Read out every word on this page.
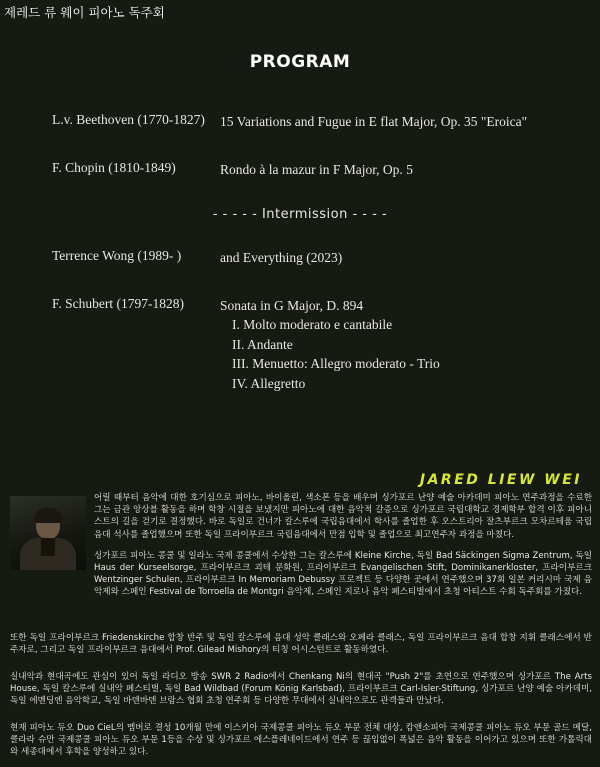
제레드 류 웨이 피아노 독주회
PROGRAM
L.v. Beethoven (1770-1827)	15 Variations and Fugue in E flat Major, Op. 35 "Eroica"
F. Chopin (1810-1849)	Rondo à la mazur in F Major, Op. 5
- - - - - Intermission - - - -
Terrence Wong (1989- )	and Everything (2023)
F. Schubert (1797-1828)	Sonata in G Major, D. 894
I. Molto moderato e cantabile
II. Andante
III. Menuetto: Allegro moderato - Trio
IV. Allegretto
JARED LIEW WEI

어릴 때부터 음악에 대한 호기심으로 피아노, 바이올린, 색소폰 등을 배우며 싱가포르 난양 예술 아카데미 피아노 연주과정을 수료한 그는 금관 앙상블 활동을 하며 학창 시절을 보냈지만 피아노에 대한 음악적 갈증으로 싱가포르 국립대학교 경제학부 합격 이후 피아니스트의 길을 걷기로 결정했다. 바로 독일로 건너가 칼스루에 국립음대에서 학사를 졸업한 후 오스트리아 잘츠부르크 모차르테움 국립 음대 석사를 졸업했으며 또한 독일 프라이부르크 국립음대에서 만점 입학 및 졸업으로 최고연주자 과정을 마쳤다.

싱가포르 피아노 콩쿨 및 일라노 국제 콩쿨에서 수상한 그는 칼스루에 Kleine Kirche, 독일 Bad Säckingen Sigma Zentrum, 독일 Haus der Kurseelsorge, 프라이부르크 괴테 문화원, 프라이부르크 Evangelischen Stift, Dominikanerkloster, 프라이부르크 Wentzinger Schulen, 프라이부르크 In Memoriam Debussy 프로젝트 등 다양한 곳에서 연주했으며 37회 일본 커리시마 국제 음악제와 스페인 Festival de Torroella de Montgri 음악제, 스페인 지로나 음악 페스티벌에서 초청 아티스트 수회 독주회를 가졌다.

또한 독일 프라이부르크 Friedenskirche 합창 반주 및 독일 칼스루에 음대 성악 클래스와 오페라 클래스, 독일 프라이부르크 음대 합창 지휘 클래스에서 반주자로, 그리고 독일 프라이부르크 음대에서 Prof. Gilead Mishory의 티칭 어시스턴트로 활동하였다.

실내악과 현대곡에도 관심이 있어 독일 라디오 방송 SWR 2 Radio에서 Chenkang Ni의 현대곡 "Push 2"를 초연으로 연주했으며 싱가포르 The Arts House, 독일 칼스루에 실내악 페스티벌, 독일 Bad Wildbad (Forum König Karlsbad), 프라이부르크 Carl-Isler-Stiftung, 싱가포르 난양 예술 아카데미, 독일 에멘딩엔 음악학교, 독일 바덴바덴 브람스 협회 초청 연주회 등 다양한 무대에서 실내악으로도 관객들과 만났다.

현재 피아노 듀오 Duo CieL의 멤버로 결성 10개월 만에 이스키아 국제콩쿨 피아노 듀오 부문 전체 대상, 캄앤소피아 국제콩쿨 피아노 듀오 부문 골드 메달, 클라라 슈만 국제콩쿨 피아노 듀오 부문 1등을 수상 및 싱가포르 에스플레네이드에서 연주 등 끊임없이 폭넓은 음악 활동을 이어가고 있으며 또한 가톨릭대와 세종대에서 후학을 양성하고 있다.
